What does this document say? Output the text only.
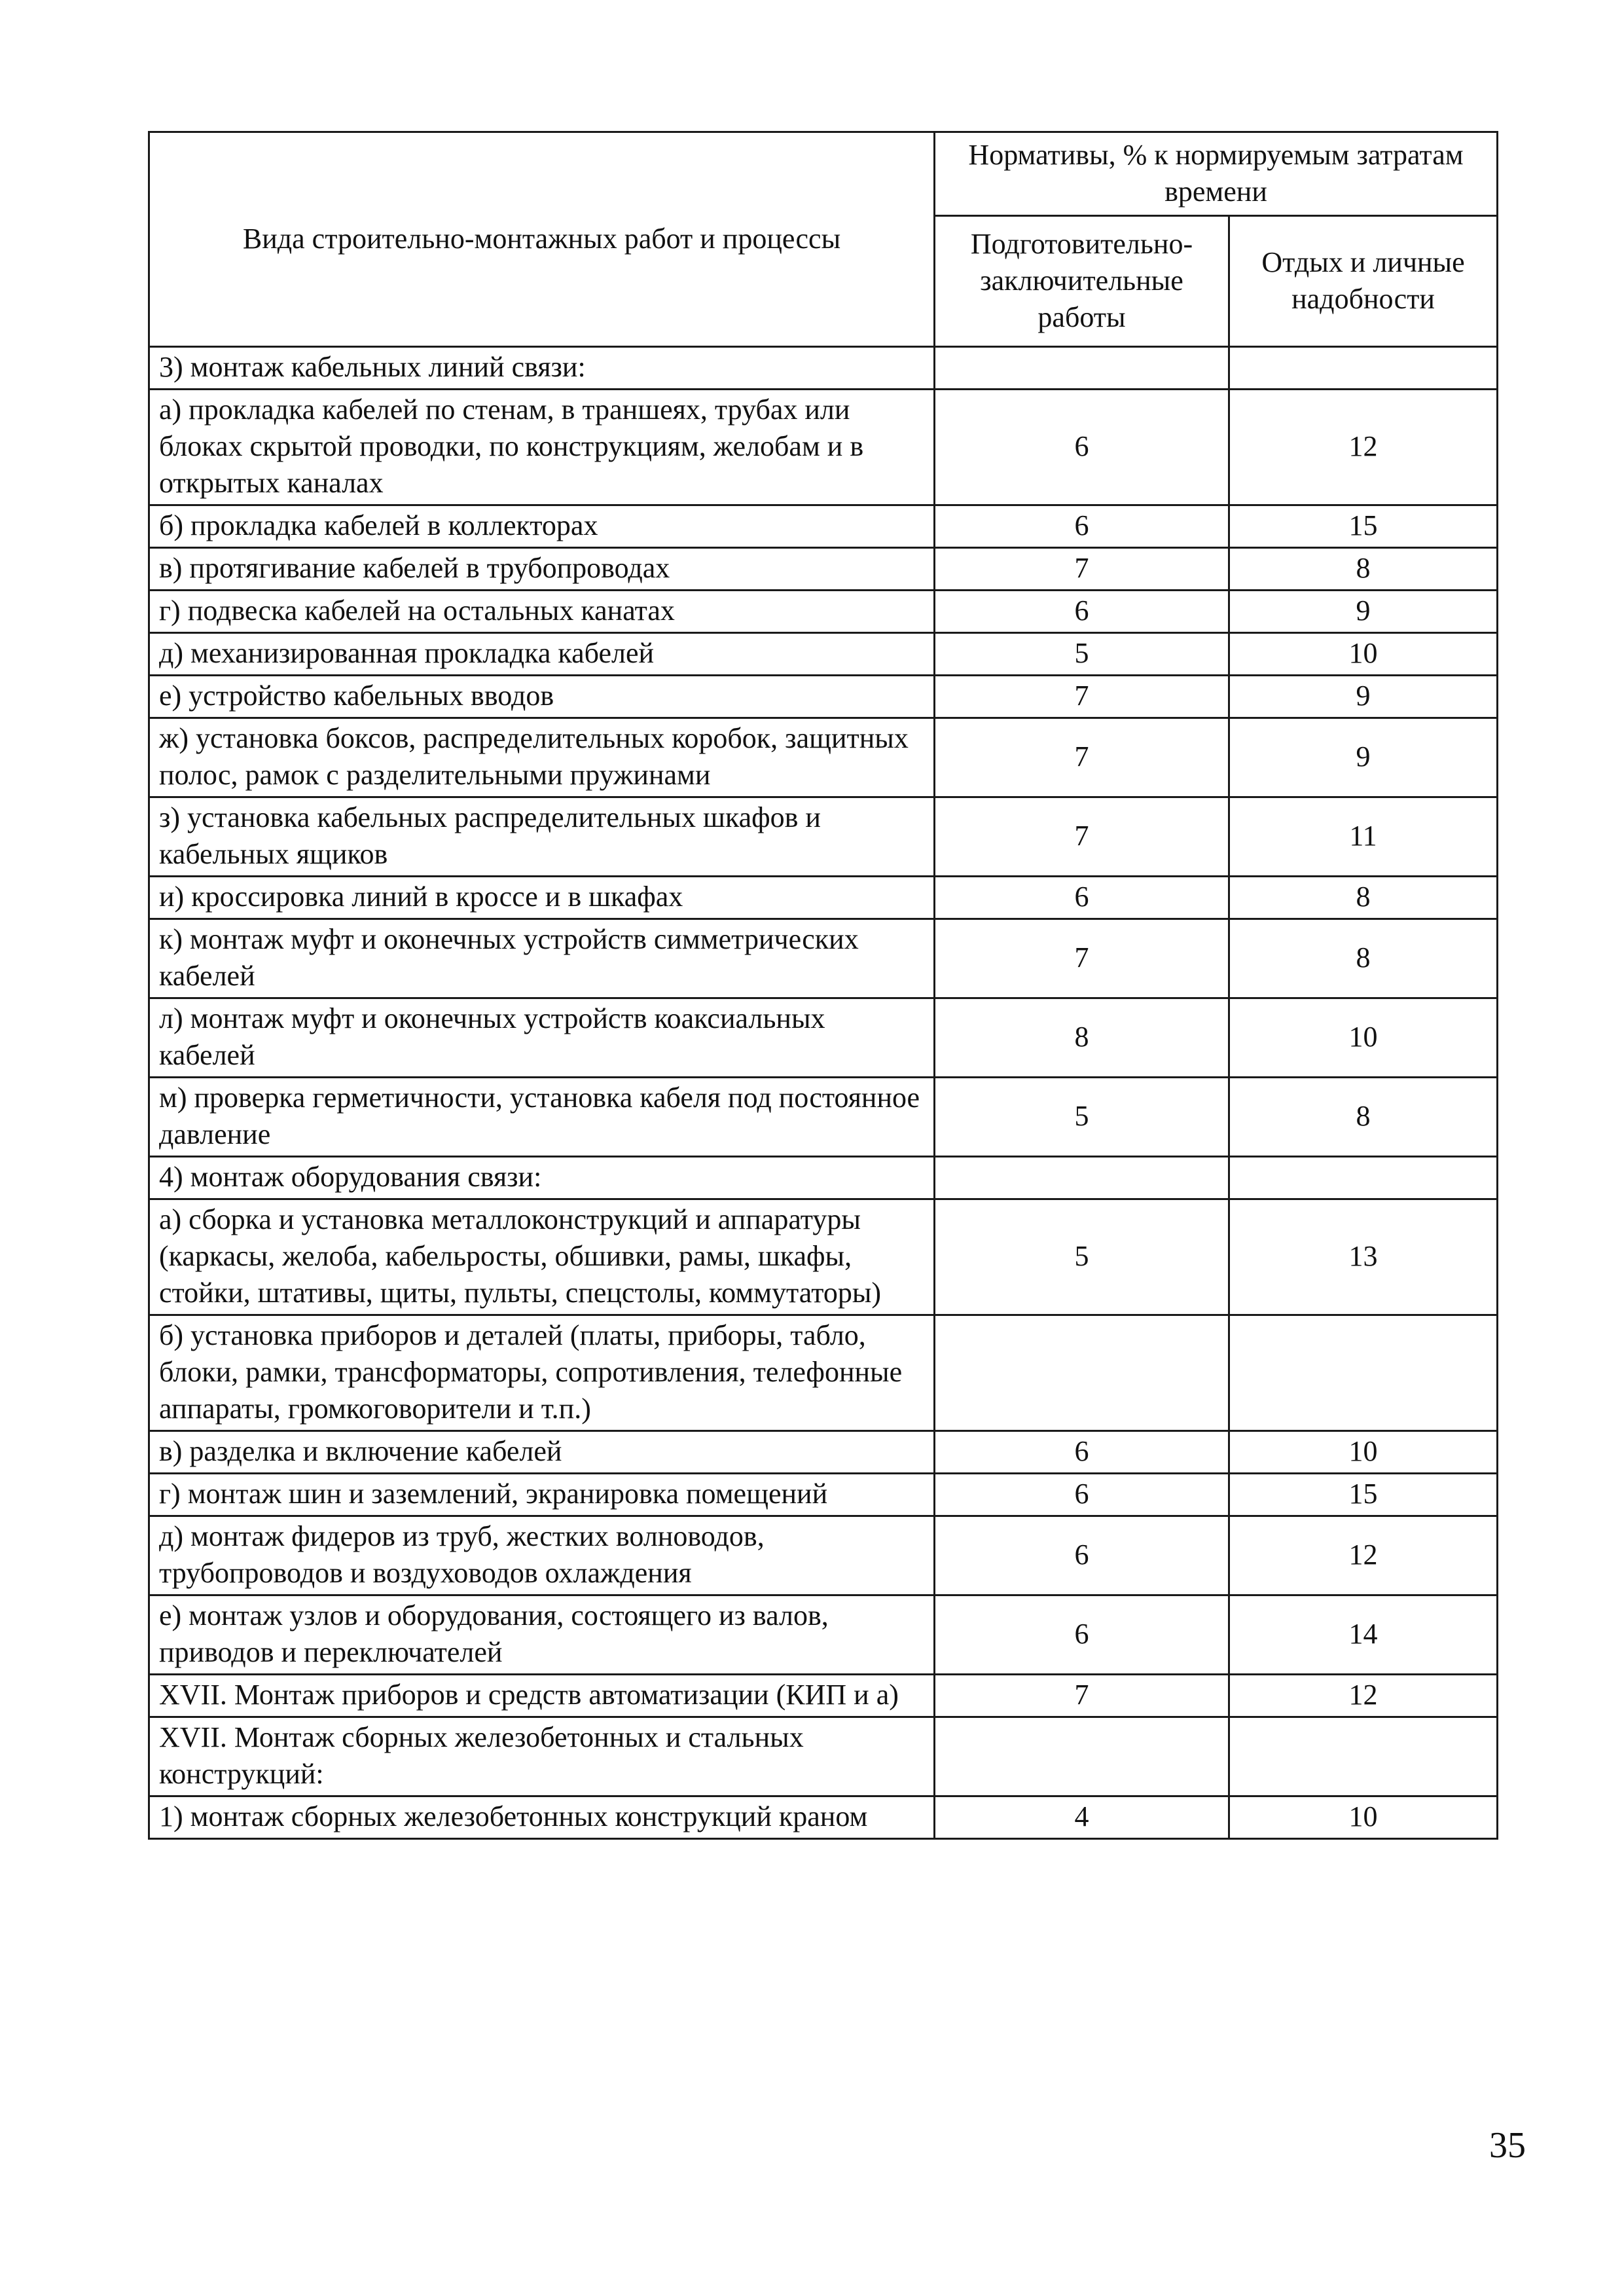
Вида строительно-монтажных работ и процессы	Нормативы, % к нормируемым затратам времени	
	Подготовительно-заключительные работы	Отдых и личные надобности
3) монтаж кабельных линий связи:		
а) прокладка кабелей по стенам, в траншеях, трубах или блоках скрытой проводки, по конструкциям, желобам и в открытых каналах	6	12
б) прокладка кабелей в коллекторах	6	15
в) протягивание кабелей в трубопроводах	7	8
г) подвеска кабелей на остальных канатах	6	9
д) механизированная прокладка кабелей	5	10
е) устройство кабельных вводов	7	9
ж) установка боксов, распределительных коробок, защитных полос, рамок с разделительными пружинами	7	9
з) установка кабельных распределительных шкафов и кабельных ящиков	7	11
и) кроссировка линий в кроссе и в шкафах	6	8
к) монтаж муфт и оконечных устройств симметрических кабелей	7	8
л) монтаж муфт и оконечных устройств коаксиальных кабелей	8	10
м) проверка герметичности, установка кабеля под постоянное давление	5	8
4) монтаж оборудования связи:		
а) сборка и установка металлоконструкций и аппаратуры (каркасы, желоба, кабельросты, обшивки, рамы, шкафы, стойки, штативы, щиты, пульты, спецстолы, коммутаторы)	5	13
б) установка приборов и деталей (платы, приборы, табло, блоки, рамки, трансформаторы, сопротивления, телефонные аппараты, громкоговорители и т.п.)		
в) разделка и включение кабелей	6	10
г) монтаж шин и заземлений, экранировка помещений	6	15
д) монтаж фидеров из труб, жестких волноводов, трубопроводов и воздуховодов охлаждения	6	12
е) монтаж узлов и оборудования, состоящего из валов, приводов и переключателей	6	14
XVII. Монтаж приборов и средств автоматизации (КИП и а)	7	12
XVII. Монтаж сборных железобетонных и стальных конструкций:		
1) монтаж сборных железобетонных конструкций краном	4	10
35
